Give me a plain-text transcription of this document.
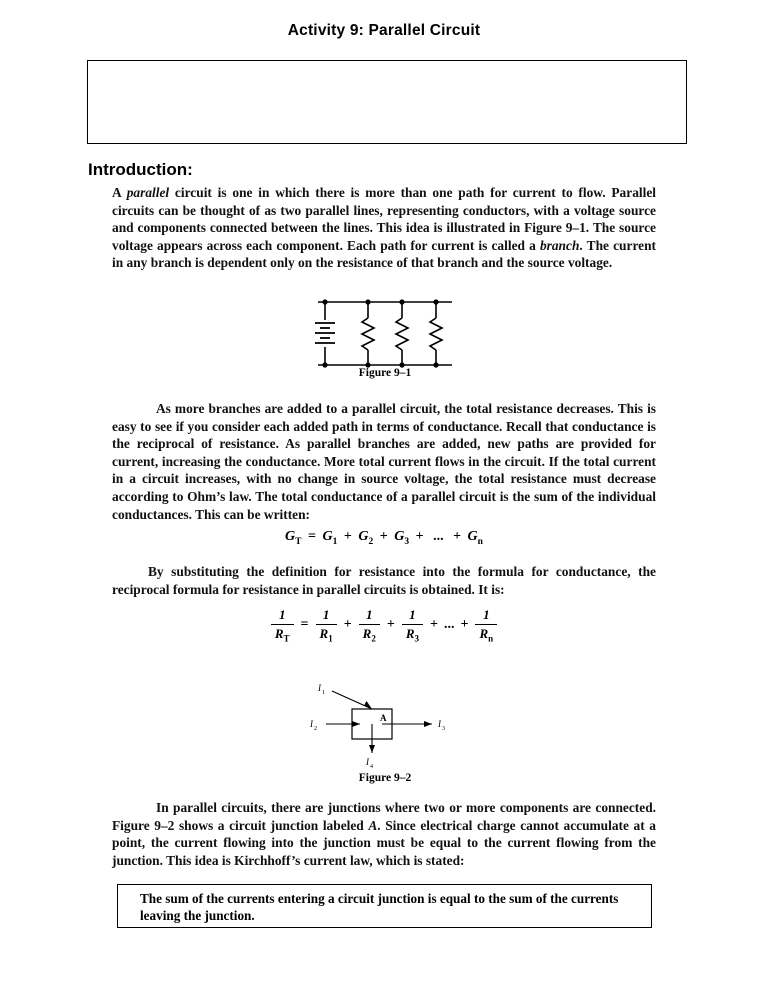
Activity 9: Parallel Circuit
Introduction:
A parallel circuit is one in which there is more than one path for current to flow. Parallel circuits can be thought of as two parallel lines, representing conductors, with a voltage source and components connected between the lines. This idea is illustrated in Figure 9–1. The source voltage appears across each component. Each path for current is called a branch. The current in any branch is dependent only on the resistance of that branch and the source voltage.
Figure 9–1
As more branches are added to a parallel circuit, the total resistance decreases. This is easy to see if you consider each added path in terms of conductance. Recall that conductance is the reciprocal of resistance. As parallel branches are added, new paths are provided for current, increasing the conductance. More total current flows in the circuit. If the total current in a circuit increases, with no change in source voltage, the total resistance must decrease according to Ohm’s law. The total conductance of a parallel circuit is the sum of the individual conductances. This can be written:
$G_T = G_1 + G_2 + G_3$ + ... + $G_n$
By substituting the definition for resistance into the formula for conductance, the reciprocal formula for resistance in parallel circuits is obtained. It is:
$\frac{1}{R_T} = \frac{1}{R_1} + \frac{1}{R_2} + \frac{1}{R_3}$ + ... + $\frac{1}{R_n}$
A
I 1
I 2	I 3
I 4
Figure 9–2
In parallel circuits, there are junctions where two or more components are connected. Figure 9–2 shows a circuit junction labeled A. Since electrical charge cannot accumulate at a point, the current flowing into the junction must be equal to the current flowing from the junction. This idea is Kirchhoff’s current law, which is stated:
The sum of the currents entering a circuit junction is equal to the sum of the currents leaving the junction.
